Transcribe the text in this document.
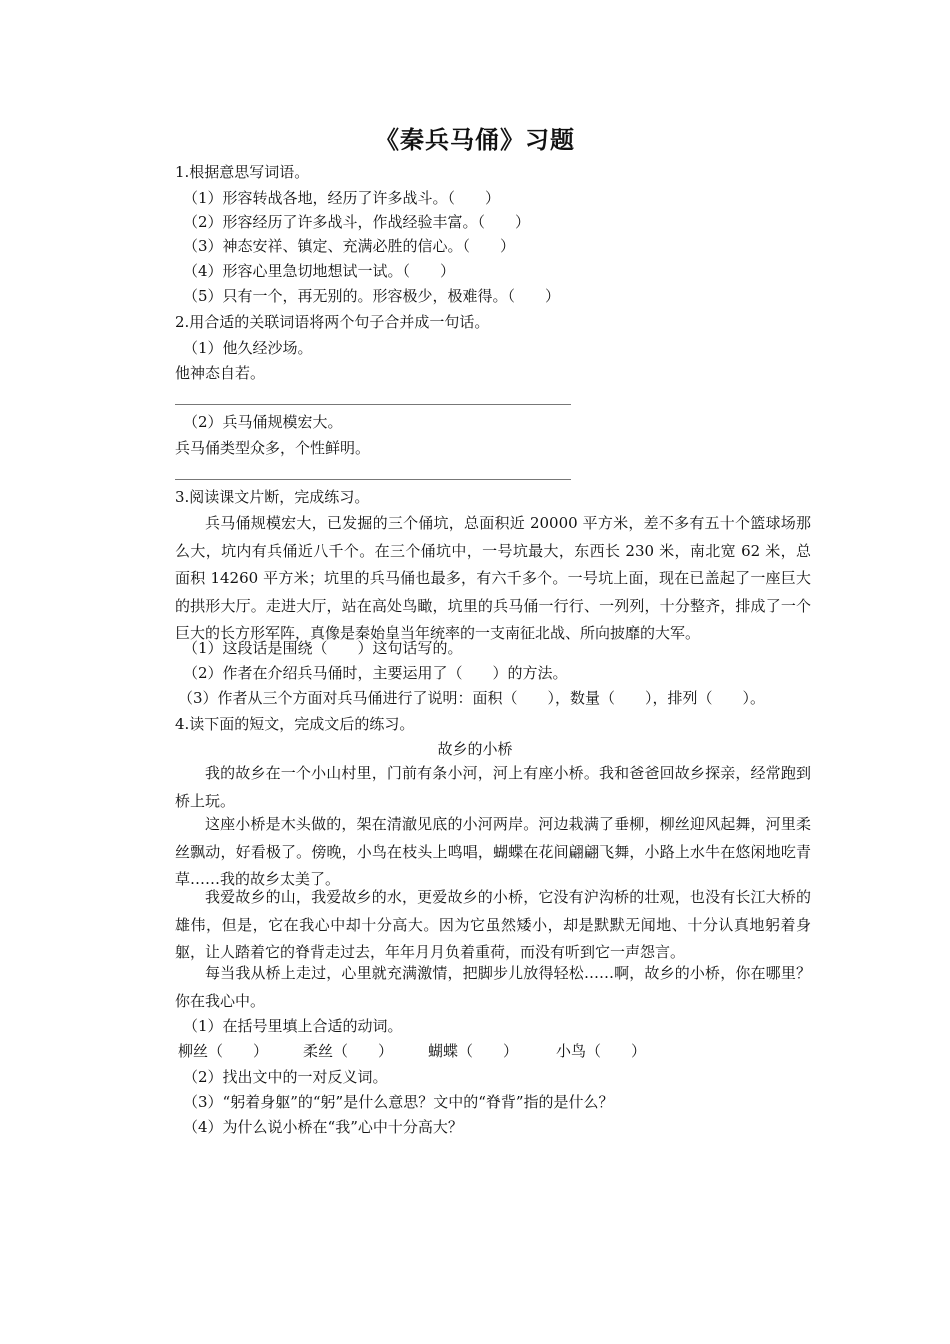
《秦兵马俑》习题
1.根据意思写词语。
（1）形容转战各地，经历了许多战斗。（　　）
（2）形容经历了许多战斗，作战经验丰富。（　　）
（3）神态安祥、镇定、充满必胜的信心。（　　）
（4）形容心里急切地想试一试。（　　）
（5）只有一个，再无别的。形容极少，极难得。（　　）
2.用合适的关联词语将两个句子合并成一句话。
（1）他久经沙场。
他神态自若。
（2）兵马俑规模宏大。
兵马俑类型众多，个性鲜明。
3.阅读课文片断，完成练习。

兵马俑规模宏大，已发掘的三个俑坑，总面积近 20000 平方米，差不多有五十个篮球场那么大，坑内有兵俑近八千个。在三个俑坑中，一号坑最大，东西长 230 米，南北宽 62 米，总面积 14260 平方米；坑里的兵马俑也最多，有六千多个。一号坑上面，现在已盖起了一座巨大的拱形大厅。走进大厅，站在高处鸟瞰，坑里的兵马俑一行行、一列列，十分整齐，排成了一个巨大的长方形军阵，真像是秦始皇当年统率的一支南征北战、所向披靡的大军。

（1）这段话是围绕（　　）这句话写的。
（2）作者在介绍兵马俑时，主要运用了（　　）的方法。
（3）作者从三个方面对兵马俑进行了说明：面积（　　），数量（　　），排列（　　）。
4.读下面的短文，完成文后的练习。
故乡的小桥

我的故乡在一个小山村里，门前有条小河，河上有座小桥。我和爸爸回故乡探亲，经常跑到桥上玩。

这座小桥是木头做的，架在清澈见底的小河两岸。河边栽满了垂柳，柳丝迎风起舞，河里柔丝飘动，好看极了。傍晚，小鸟在枝头上鸣唱，蝴蝶在花间翩翩飞舞，小路上水牛在悠闲地吃青草……我的故乡太美了。

我爱故乡的山，我爱故乡的水，更爱故乡的小桥，它没有沪沟桥的壮观，也没有长江大桥的雄伟，但是，它在我心中却十分高大。因为它虽然矮小，却是默默无闻地、十分认真地躬着身躯，让人踏着它的脊背走过去，年年月月负着重荷，而没有听到它一声怨言。

每当我从桥上走过，心里就充满激情，把脚步儿放得轻松……啊，故乡的小桥，你在哪里？你在我心中。

（1）在括号里填上合适的动词。
柳丝（　　） 柔丝（　　） 蝴蝶（　　）	小鸟（　　）
（2）找出文中的一对反义词。
（3）“躬着身躯”的“躬”是什么意思？文中的“脊背”指的是什么？
（4）为什么说小桥在“我”心中十分高大？
